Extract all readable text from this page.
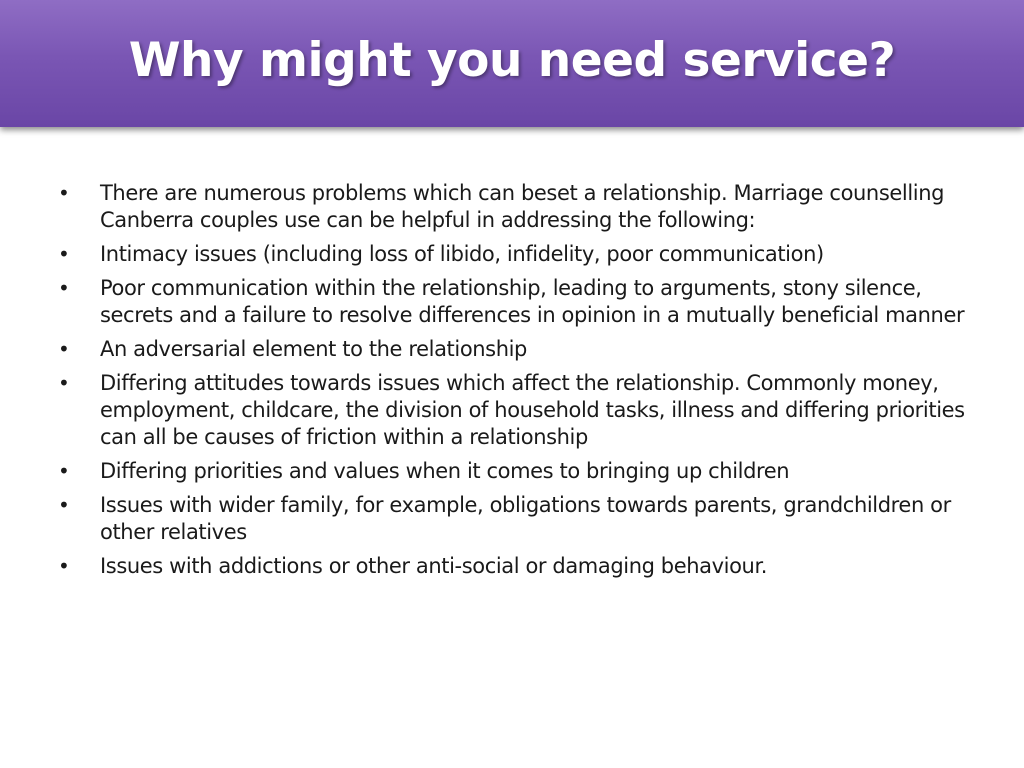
Why might you need service?
• There are numerous problems which can beset a relationship. Marriage counselling Canberra couples use can be helpful in addressing the following:
• Intimacy issues (including loss of libido, infidelity, poor communication)
• Poor communication within the relationship, leading to arguments, stony silence, secrets and a failure to resolve differences in opinion in a mutually beneficial manner
• An adversarial element to the relationship
• Differing attitudes towards issues which affect the relationship. Commonly money, employment, childcare, the division of household tasks, illness and differing priorities can all be causes of friction within a relationship
• Differing priorities and values when it comes to bringing up children
• Issues with wider family, for example, obligations towards parents, grandchildren or other relatives
• Issues with addictions or other anti-social or damaging behaviour.
